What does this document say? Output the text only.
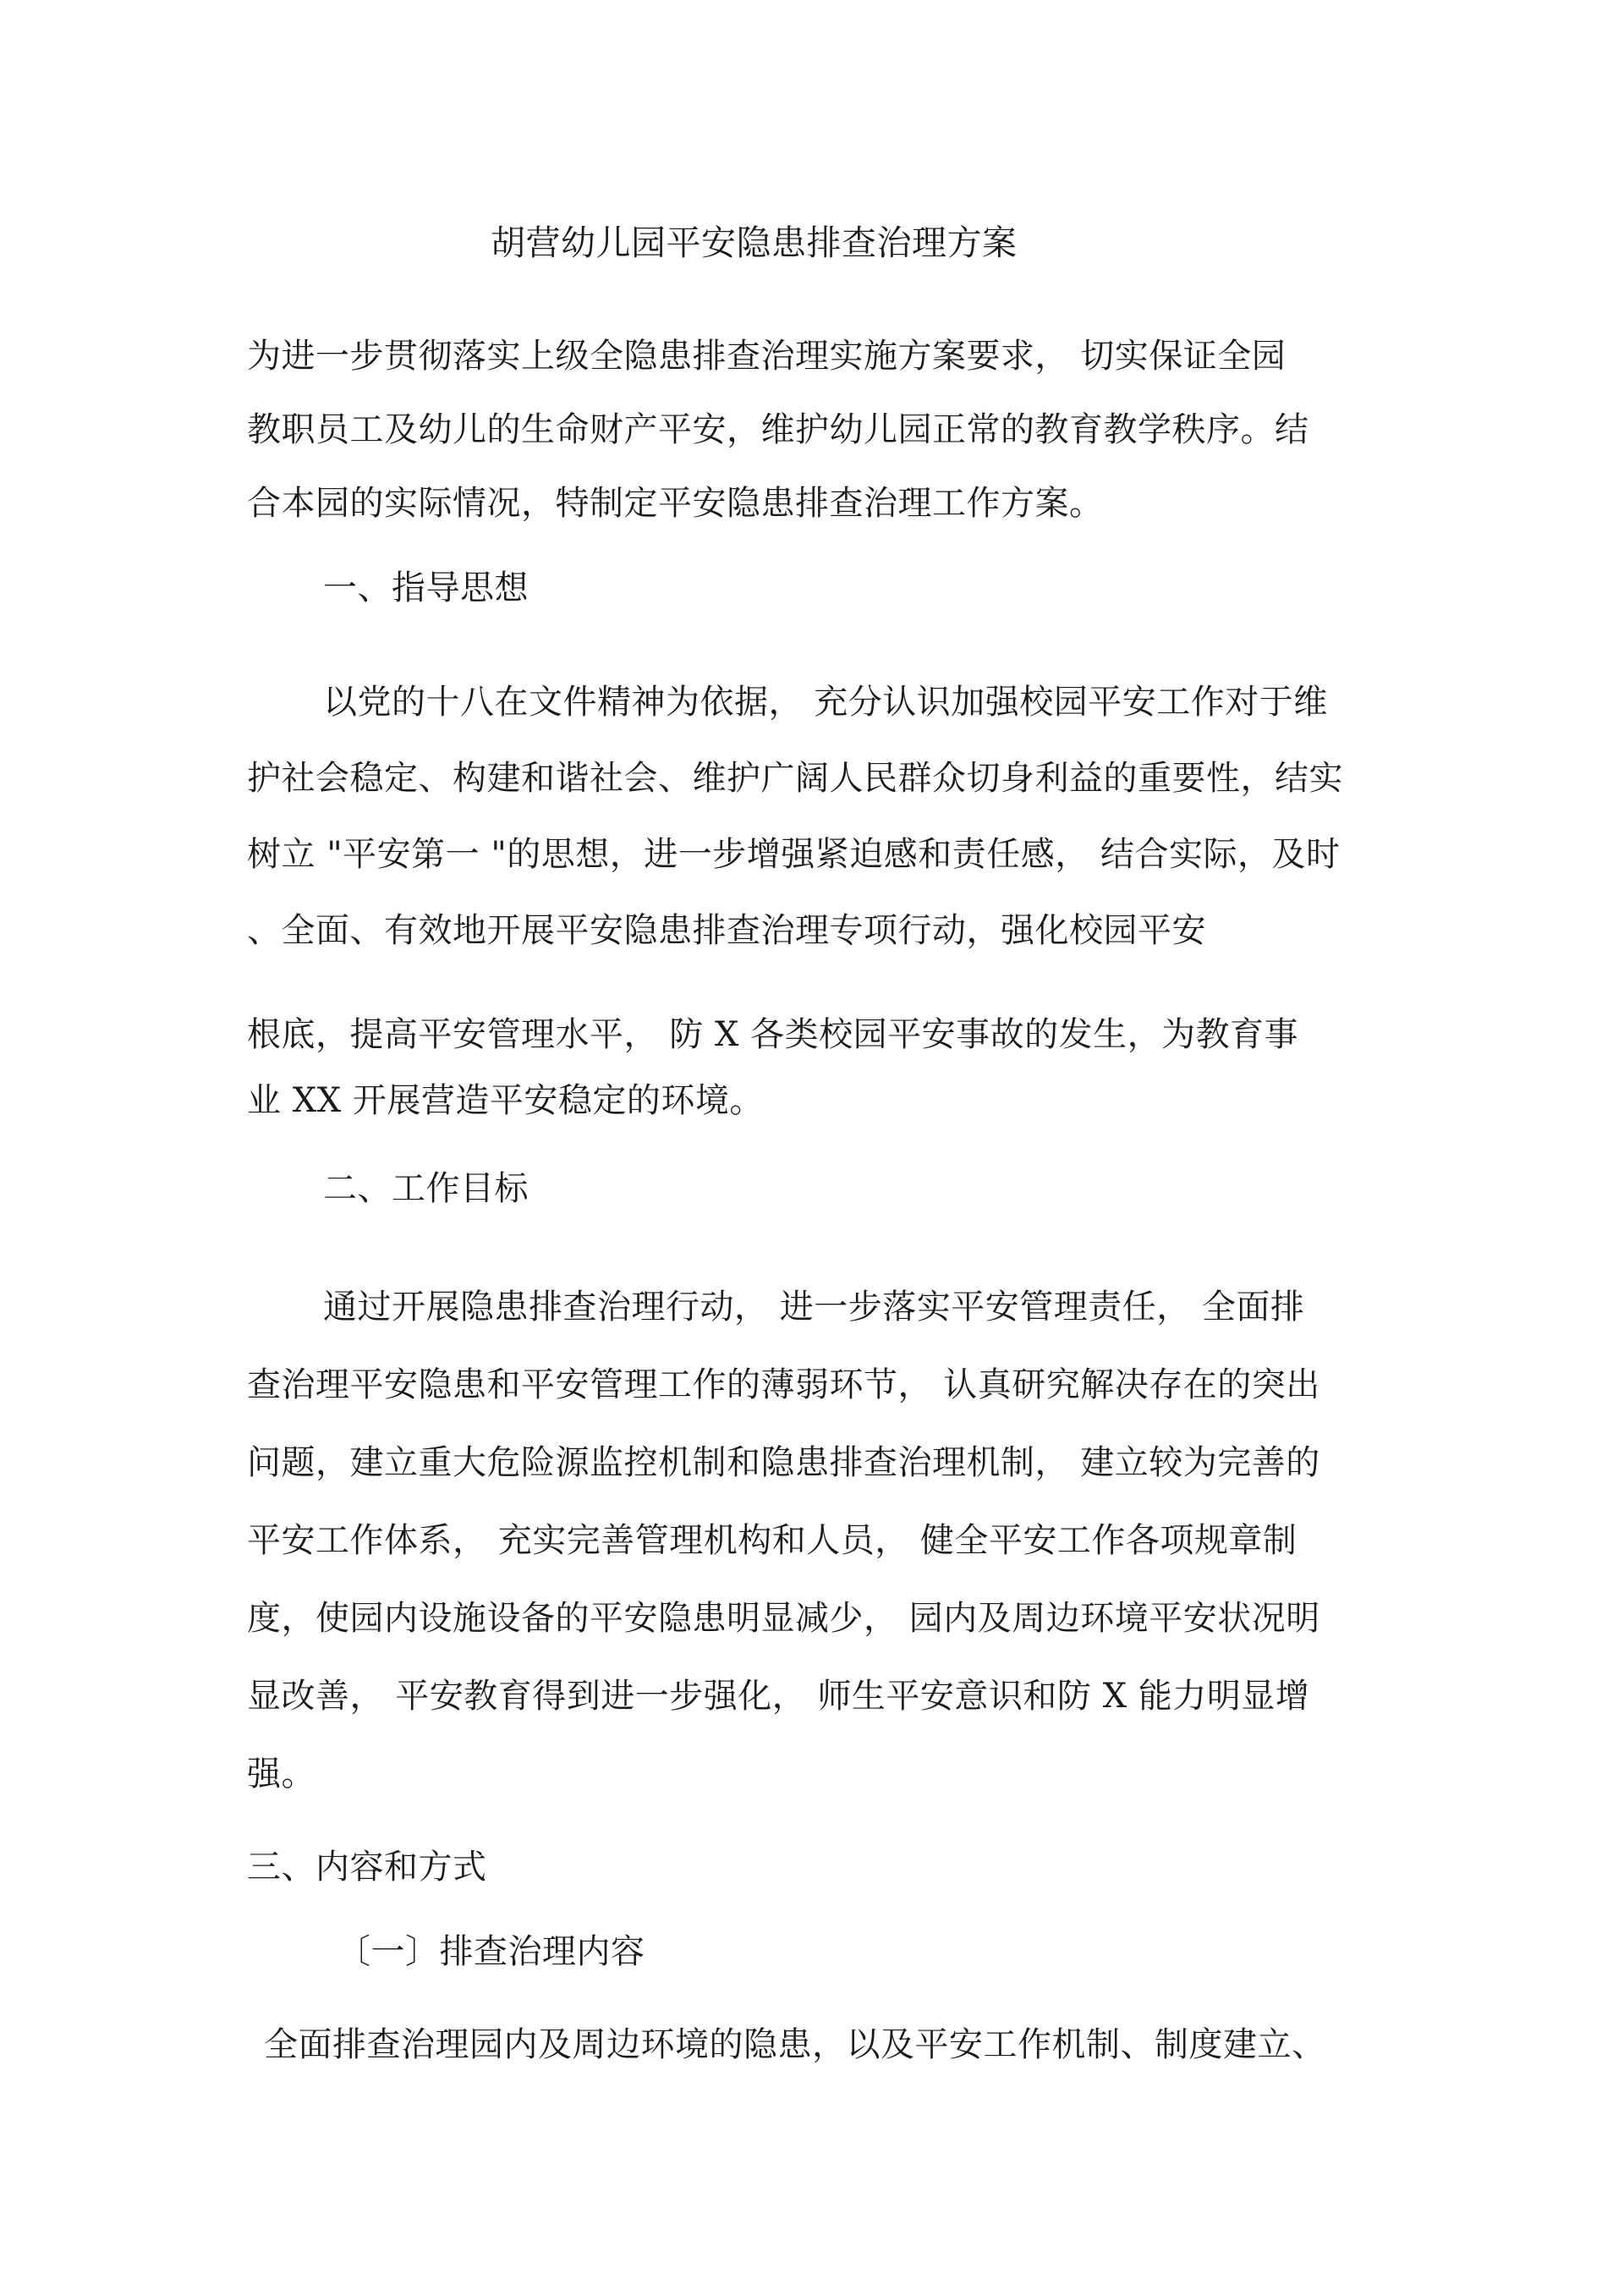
胡营幼儿园平安隐患排查治理方案
为进一步贯彻落实上级全隐患排查治理实施方案要求， 切实保证全园
教职员工及幼儿的生命财产平安，维护幼儿园正常的教育教学秩序。结
合本园的实际情况，特制定平安隐患排查治理工作方案。
一、指导思想
以党的十八在文件精神为依据， 充分认识加强校园平安工作对于维
护社会稳定、构建和谐社会、维护广阔人民群众切身利益的重要性，结实
树立 "平安第一 "的思想，进一步增强紧迫感和责任感， 结合实际，及时
、全面、有效地开展平安隐患排查治理专项行动，强化校园平安
根底，提高平安管理水平， 防 X 各类校园平安事故的发生，为教育事
业 XX 开展营造平安稳定的环境。
二、工作目标
通过开展隐患排查治理行动， 进一步落实平安管理责任， 全面排
查治理平安隐患和平安管理工作的薄弱环节， 认真研究解决存在的突出
问题，建立重大危险源监控机制和隐患排查治理机制， 建立较为完善的
平安工作体系， 充实完善管理机构和人员， 健全平安工作各项规章制
度，使园内设施设备的平安隐患明显减少， 园内及周边环境平安状况明
显改善， 平安教育得到进一步强化， 师生平安意识和防 X 能力明显增
强。
三、内容和方式
〔一〕排查治理内容
全面排查治理园内及周边环境的隐患，以及平安工作机制、制度建立、
